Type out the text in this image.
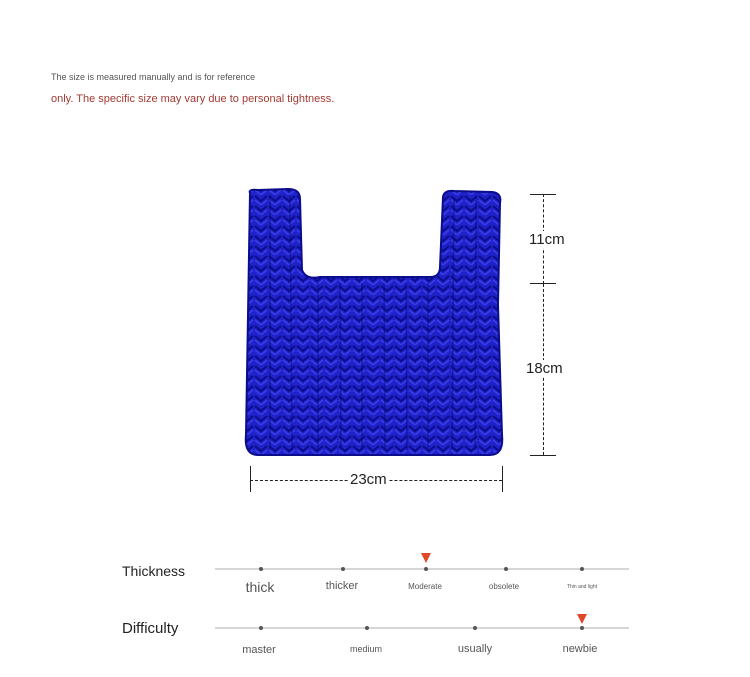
The size is measured manually and is for reference
only. The specific size may vary due to personal tightness.
11cm
18cm
23cm
Thickness
thick	thicker	Moderate	obsolete	Thin and light
Difficulty
master	medium	usually	newbie
